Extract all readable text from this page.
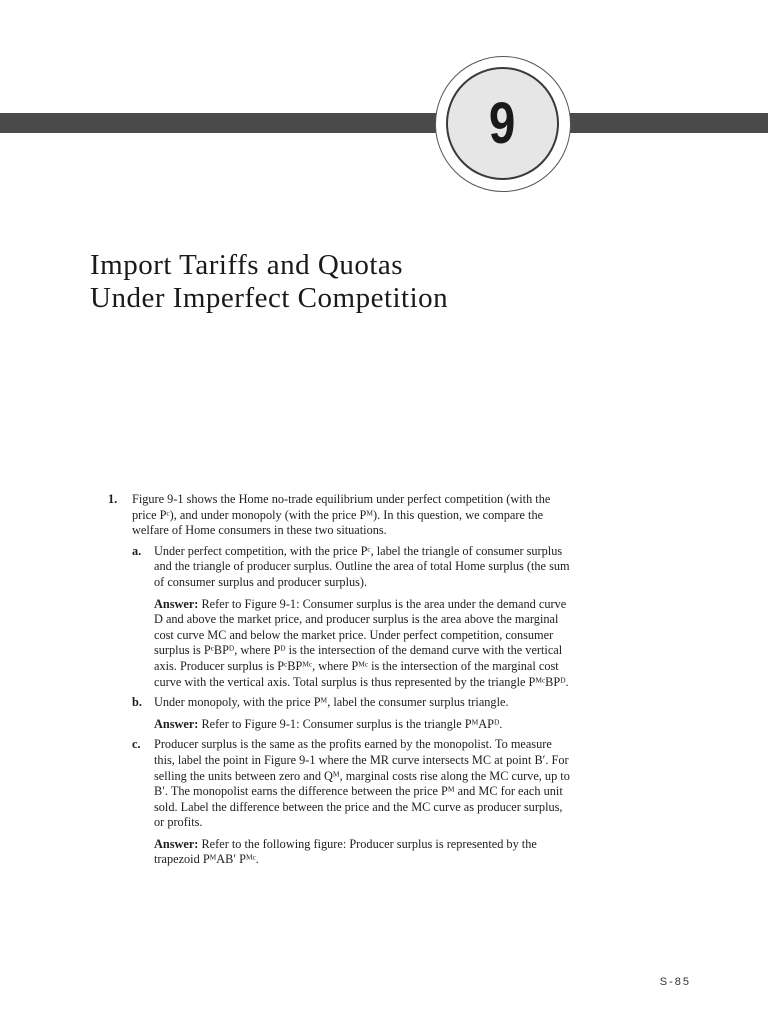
9
Import Tariffs and Quotas
Under Imperfect Competition
1.	Figure 9-1 shows the Home no-trade equilibrium under perfect competition (with the price Pᶜ), and under monopoly (with the price Pᴹ). In this question, we compare the welfare of Home consumers in these two situations.
a.	Under perfect competition, with the price Pᶜ, label the triangle of consumer surplus and the triangle of producer surplus. Outline the area of total Home surplus (the sum of consumer surplus and producer surplus).
Answer: Refer to Figure 9-1: Consumer surplus is the area under the demand curve D and above the market price, and producer surplus is the area above the marginal cost curve MC and below the market price. Under perfect competition, consumer surplus is PᶜBPᴰ, where Pᴰ is the intersection of the demand curve with the vertical axis. Producer surplus is PᶜBPᴹᶜ, where Pᴹᶜ is the intersection of the marginal cost curve with the vertical axis. Total surplus is thus represented by the triangle PᴹᶜBPᴰ.
b. Under monopoly, with the price Pᴹ, label the consumer surplus triangle.
Answer: Refer to Figure 9-1: Consumer surplus is the triangle PᴹAPᴰ.
c.	Producer surplus is the same as the profits earned by the monopolist. To measure this, label the point in Figure 9-1 where the MR curve intersects MC at point B′. For selling the units between zero and Qᴹ, marginal costs rise along the MC curve, up to B′. The monopolist earns the difference between the price Pᴹ and MC for each unit sold. Label the difference between the price and the MC curve as producer surplus, or profits.
Answer: Refer to the following figure: Producer surplus is represented by the trapezoid PᴹAB′ Pᴹᶜ.
S-85
